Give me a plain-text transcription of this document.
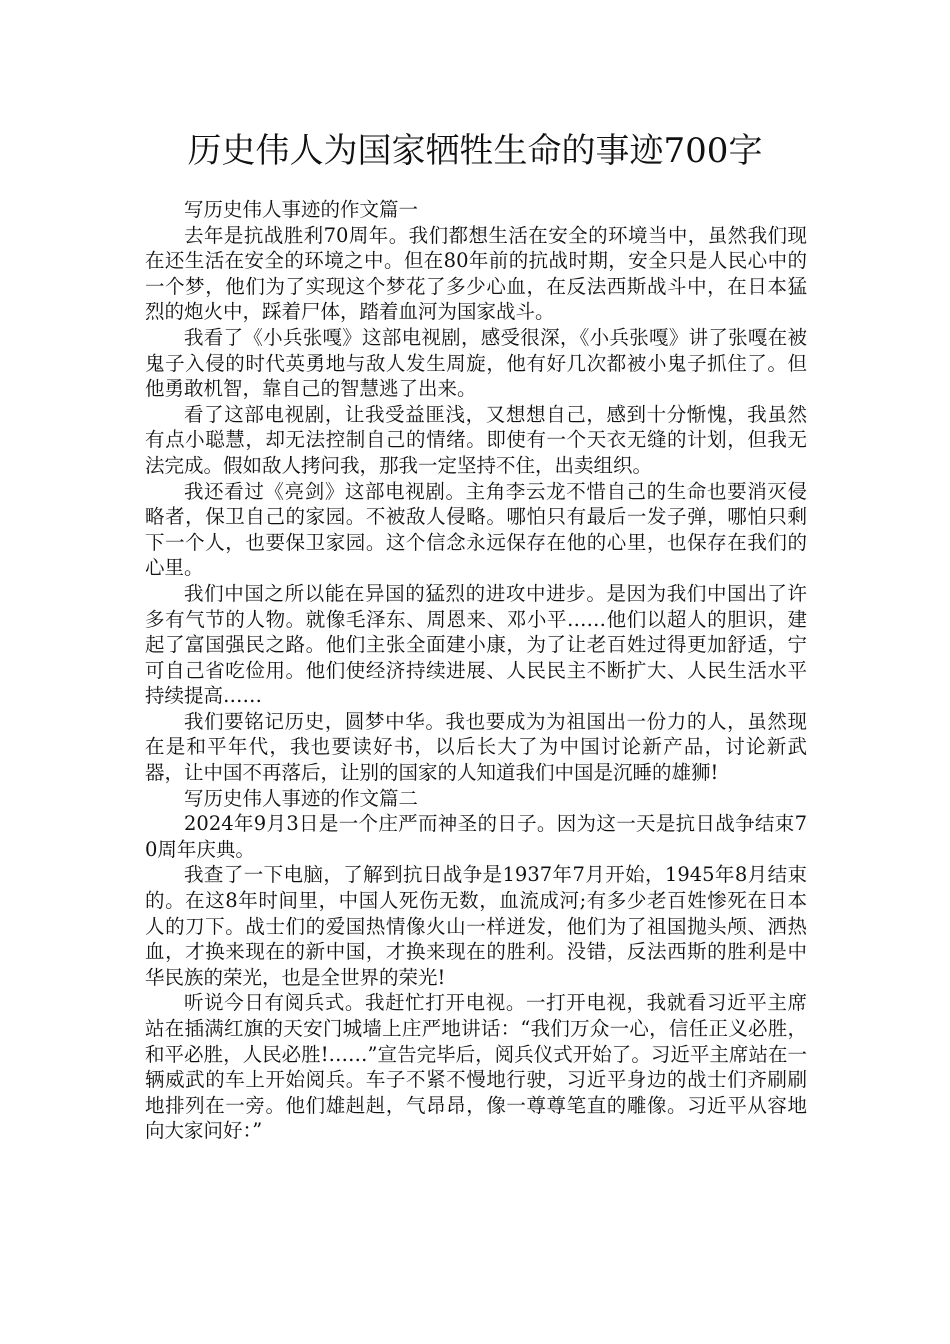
历史伟人为国家牺牲生命的事迹700字

写历史伟人事迹的作文篇一

去年是抗战胜利70周年。我们都想生活在安全的环境当中，虽然我们现在还生活在安全的环境之中。但在80年前的抗战时期，安全只是人民心中的一个梦，他们为了实现这个梦花了多少心血，在反法西斯战斗中，在日本猛烈的炮火中，踩着尸体，踏着血河为国家战斗。

我看了《小兵张嘎》这部电视剧，感受很深，《小兵张嘎》讲了张嘎在被鬼子入侵的时代英勇地与敌人发生周旋，他有好几次都被小鬼子抓住了。但他勇敢机智，靠自己的智慧逃了出来。

看了这部电视剧，让我受益匪浅，又想想自己，感到十分惭愧，我虽然有点小聪慧，却无法控制自己的情绪。即使有一个天衣无缝的计划，但我无法完成。假如敌人拷问我，那我一定坚持不住，出卖组织。

我还看过《亮剑》这部电视剧。主角李云龙不惜自己的生命也要消灭侵略者，保卫自己的家园。不被敌人侵略。哪怕只有最后一发子弹，哪怕只剩下一个人，也要保卫家园。这个信念永远保存在他的心里，也保存在我们的心里。

我们中国之所以能在异国的猛烈的进攻中进步。是因为我们中国出了许多有气节的人物。就像毛泽东、周恩来、邓小平……他们以超人的胆识，建起了富国强民之路。他们主张全面建小康，为了让老百姓过得更加舒适，宁可自己省吃俭用。他们使经济持续进展、人民民主不断扩大、人民生活水平持续提高……

我们要铭记历史，圆梦中华。我也要成为为祖国出一份力的人，虽然现在是和平年代，我也要读好书，以后长大了为中国讨论新产品，讨论新武器，让中国不再落后，让别的国家的人知道我们中国是沉睡的雄狮!

写历史伟人事迹的作文篇二

2024年9月3日是一个庄严而神圣的日子。因为这一天是抗日战争结束70周年庆典。

我查了一下电脑，了解到抗日战争是1937年7月开始，1945年8月结束的。在这8年时间里，中国人死伤无数，血流成河;有多少老百姓惨死在日本人的刀下。战士们的爱国热情像火山一样迸发，他们为了祖国抛头颅、洒热血，才换来现在的新中国，才换来现在的胜利。没错，反法西斯的胜利是中华民族的荣光，也是全世界的荣光!

听说今日有阅兵式。我赶忙打开电视。一打开电视，我就看习近平主席站在插满红旗的天安门城墙上庄严地讲话：“我们万众一心，信任正义必胜，和平必胜，人民必胜!……”宣告完毕后，阅兵仪式开始了。习近平主席站在一辆威武的车上开始阅兵。车子不紧不慢地行驶，习近平身边的战士们齐刷刷地排列在一旁。他们雄赳赳，气昂昂，像一尊尊笔直的雕像。习近平从容地向大家问好：”
